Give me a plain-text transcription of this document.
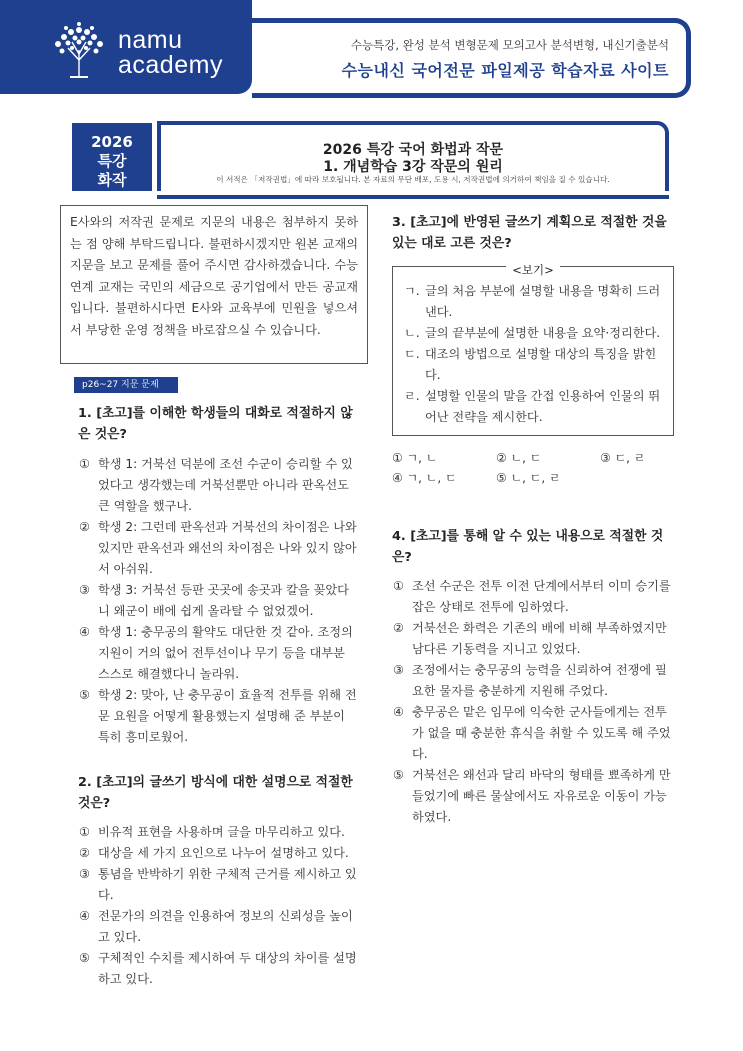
namu
academy
수능특강, 완성 분석 변형문제 모의고사 분석변형, 내신기출분석
수능내신 국어전문 파일제공 학습자료 사이트
2026
특강
화작
2026 특강 국어 화법과 작문
1. 개념학습 3강 작문의 원리
이 서적은 「저작권법」에 따라 보호됩니다. 본 자료의 무단 배포, 도용 시, 저작권법에 의거하여 책임을 질 수 있습니다.
E사와의 저작권 문제로 지문의 내용은 첨부하지 못하는 점 양해 부탁드립니다. 불편하시겠지만 원본 교재의 지문을 보고 문제를 풀어 주시면 감사하겠습니다. 수능 연계 교재는 국민의 세금으로 공기업에서 만든 공교재입니다. 불편하시다면 E사와 교육부에 민원을 넣으셔서 부당한 운영 정책을 바로잡으실 수 있습니다.
p26~27 지문 문제
1. [초고]를 이해한 학생들의 대화로 적절하지 않은 것은?
① 학생 1: 거북선 덕분에 조선 수군이 승리할 수 있었다고 생각했는데 거북선뿐만 아니라 판옥선도 큰 역할을 했구나.
② 학생 2: 그런데 판옥선과 거북선의 차이점은 나와 있지만 판옥선과 왜선의 차이점은 나와 있지 않아서 아쉬워.
③ 학생 3: 거북선 등판 곳곳에 송곳과 칼을 꽂았다니 왜군이 배에 쉽게 올라탈 수 없었겠어.
④ 학생 1: 충무공의 활약도 대단한 것 같아. 조정의 지원이 거의 없어 전투선이나 무기 등을 대부분 스스로 해결했다니 놀라워.
⑤ 학생 2: 맞아, 난 충무공이 효율적 전투를 위해 전문 요원을 어떻게 활용했는지 설명해 준 부분이 특히 흥미로웠어.
2. [초고]의 글쓰기 방식에 대한 설명으로 적절한 것은?
① 비유적 표현을 사용하며 글을 마무리하고 있다.
② 대상을 세 가지 요인으로 나누어 설명하고 있다.
③ 통념을 반박하기 위한 구체적 근거를 제시하고 있다.
④ 전문가의 의견을 인용하여 정보의 신뢰성을 높이고 있다.
⑤ 구체적인 수치를 제시하여 두 대상의 차이를 설명하고 있다.
3. [초고]에 반영된 글쓰기 계획으로 적절한 것을 있는 대로 고른 것은?
<보기>
ㄱ. 글의 처음 부분에 설명할 내용을 명확히 드러낸다.
ㄴ. 글의 끝부분에 설명한 내용을 요약·정리한다.
ㄷ. 대조의 방법으로 설명할 대상의 특징을 밝힌다.
ㄹ. 설명할 인물의 말을 간접 인용하여 인물의 뛰어난 전략을 제시한다.
① ㄱ, ㄴ	② ㄴ, ㄷ	③ ㄷ, ㄹ
④ ㄱ, ㄴ, ㄷ	⑤ ㄴ, ㄷ, ㄹ
4. [초고]를 통해 알 수 있는 내용으로 적절한 것은?
① 조선 수군은 전투 이전 단계에서부터 이미 승기를 잡은 상태로 전투에 임하였다.
② 거북선은 화력은 기존의 배에 비해 부족하였지만 남다른 기동력을 지니고 있었다.
③ 조정에서는 충무공의 능력을 신뢰하여 전쟁에 필요한 물자를 충분하게 지원해 주었다.
④ 충무공은 맡은 임무에 익숙한 군사들에게는 전투가 없을 때 충분한 휴식을 취할 수 있도록 해 주었다.
⑤ 거북선은 왜선과 달리 바닥의 형태를 뾰족하게 만들었기에 빠른 물살에서도 자유로운 이동이 가능하였다.
